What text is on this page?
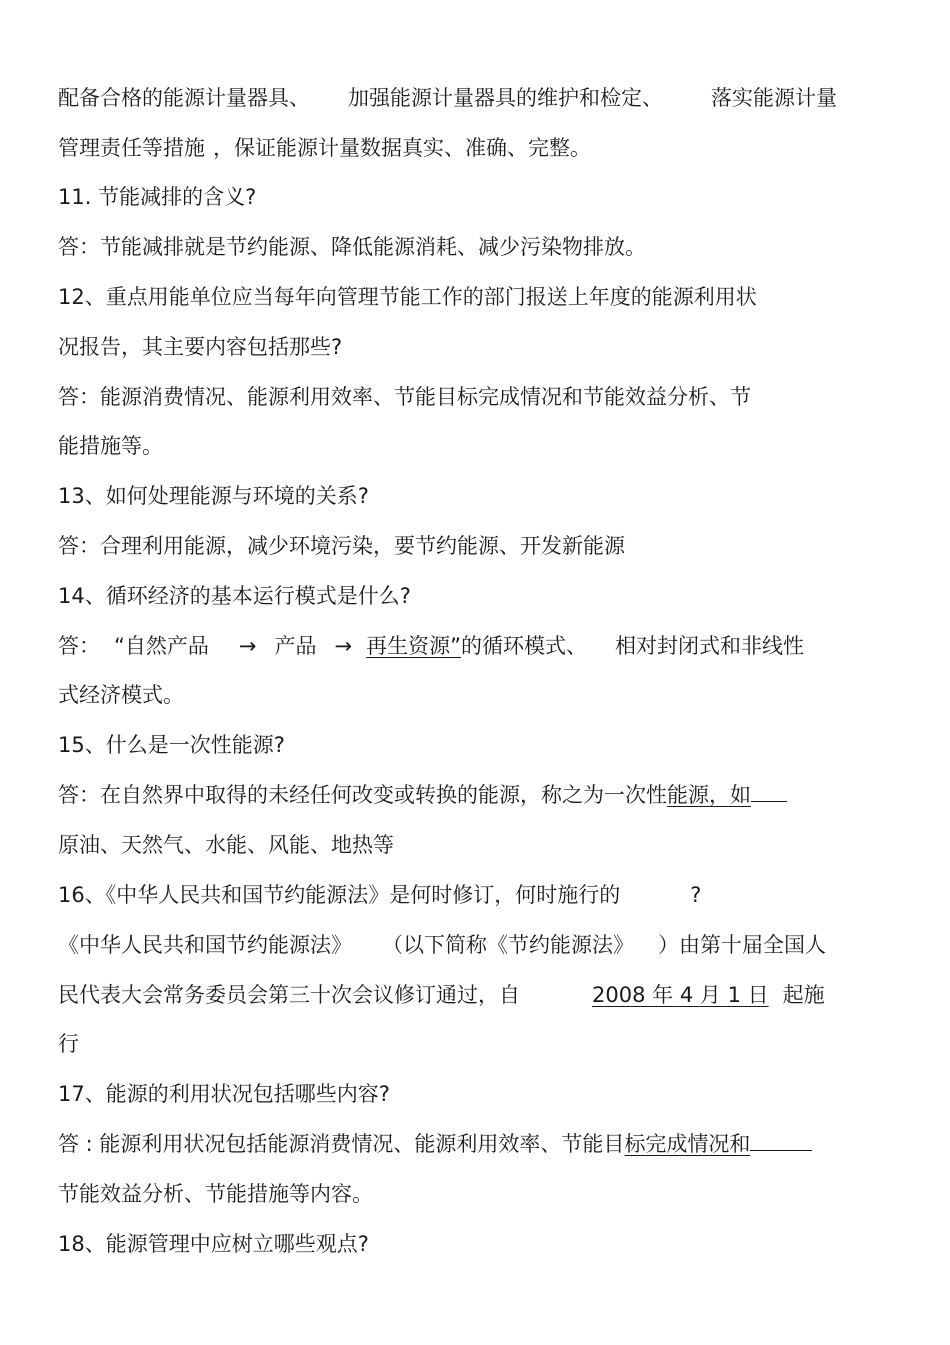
配备合格的能源计量器具、 加强能源计量器具的维护和检定、 落实能源计量
管理责任等措施 ，保证能源计量数据真实、准确、完整。
11. 节能减排的含义?
答：节能减排就是节约能源、降低能源消耗、减少污染物排放。
12、重点用能单位应当每年向管理节能工作的部门报送上年度的能源利用状
况报告，其主要内容包括那些?
答：能源消费情况、能源利用效率、节能目标完成情况和节能效益分析、节
能措施等。
13、如何处理能源与环境的关系?
答：合理利用能源，减少环境污染，要节约能源、开发新能源
14、循环经济的基本运行模式是什么?
答： “自然产品 → 产品 → 再生资源”的循环模式、 相对封闭式和非线性
式经济模式。
15、什么是一次性能源?
答：在自然界中取得的未经任何改变或转换的能源，称之为一次性能源，如
原油、天然气、水能、风能、地热等
16、《中华人民共和国节约能源法》是何时修订，何时施行的	?
《中华人民共和国节约能源法》 （以下简称《节约能源法》 ）由第十届全国人
民代表大会常务委员会第三十次会议修订通过，自	2008 年 4 月 1 日 起施
行
17、能源的利用状况包括哪些内容?
答 : 能源利用状况包括能源消费情况、能源利用效率、节能目标完成情况和
节能效益分析、节能措施等内容。
18、能源管理中应树立哪些观点?
